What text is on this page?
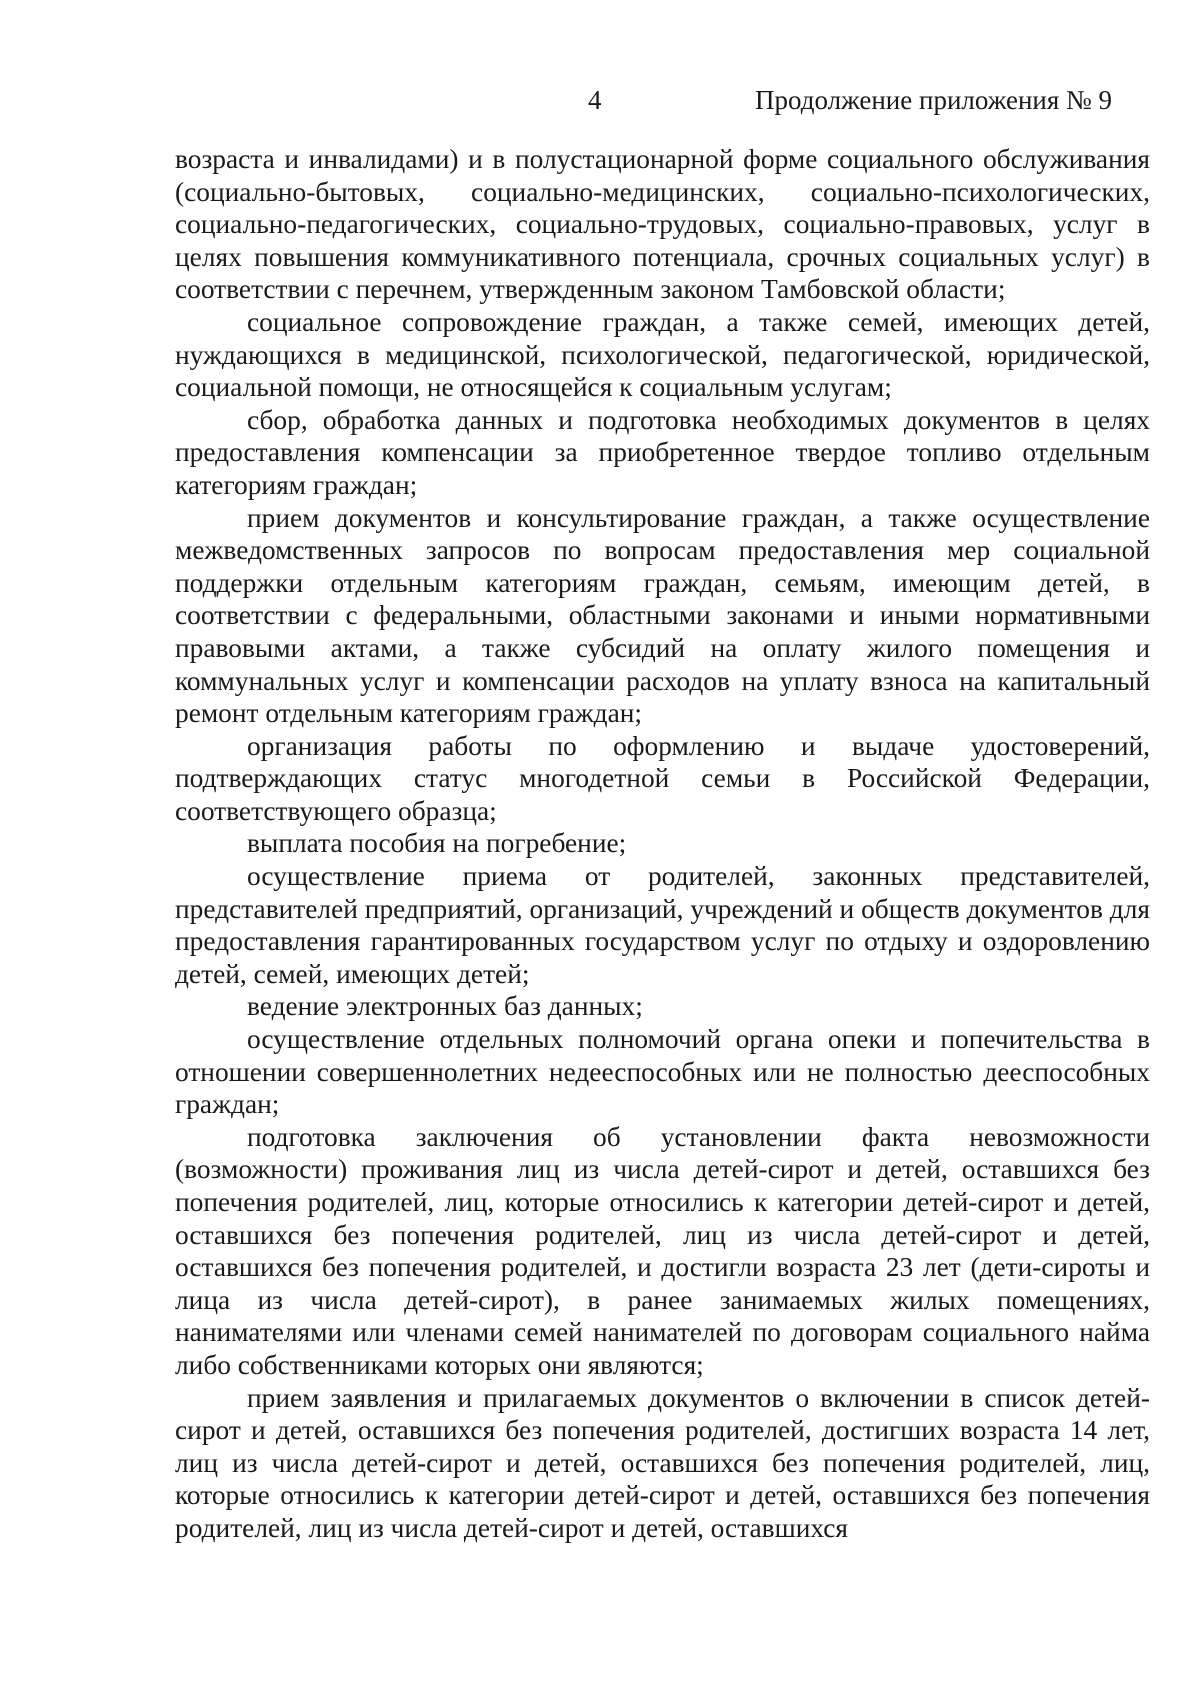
4	Продолжение приложения № 9

возраста и инвалидами) и в полустационарной форме социального обслуживания (социально-бытовых, социально-медицинских, социально-психологических, социально-педагогических, социально-трудовых, социально-правовых, услуг в целях повышения коммуникативного потенциала, срочных социальных услуг) в соответствии с перечнем, утвержденным законом Тамбовской области;

социальное сопровождение граждан, а также семей, имеющих детей, нуждающихся в медицинской, психологической, педагогической, юридической, социальной помощи, не относящейся к социальным услугам;

сбор, обработка данных и подготовка необходимых документов в целях предоставления компенсации за приобретенное твердое топливо отдельным категориям граждан;

прием документов и консультирование граждан, а также осуществление межведомственных запросов по вопросам предоставления мер социальной поддержки отдельным категориям граждан, семьям, имеющим детей, в соответствии с федеральными, областными законами и иными нормативными правовыми актами, а также субсидий на оплату жилого помещения и коммунальных услуг и компенсации расходов на уплату взноса на капитальный ремонт отдельным категориям граждан;

организация работы по оформлению и выдаче удостоверений, подтверждающих статус многодетной семьи в Российской Федерации, соответствующего образца;

выплата пособия на погребение;

осуществление приема от родителей, законных представителей, представителей предприятий, организаций, учреждений и обществ документов для предоставления гарантированных государством услуг по отдыху и оздоровлению детей, семей, имеющих детей;

ведение электронных баз данных;

осуществление отдельных полномочий органа опеки и попечительства в отношении совершеннолетних недееспособных или не полностью дееспособных граждан;

подготовка заключения об установлении факта невозможности (возможности) проживания лиц из числа детей-сирот и детей, оставшихся без попечения родителей, лиц, которые относились к категории детей-сирот и детей, оставшихся без попечения родителей, лиц из числа детей-сирот и детей, оставшихся без попечения родителей, и достигли возраста 23 лет (дети-сироты и лица из числа детей-сирот), в ранее занимаемых жилых помещениях, нанимателями или членами семей нанимателей по договорам социального найма либо собственниками которых они являются;

прием заявления и прилагаемых документов о включении в список детей-сирот и детей, оставшихся без попечения родителей, достигших возраста 14 лет, лиц из числа детей-сирот и детей, оставшихся без попечения родителей, лиц, которые относились к категории детей-сирот и детей, оставшихся без попечения родителей, лиц из числа детей-сирот и детей, оставшихся
